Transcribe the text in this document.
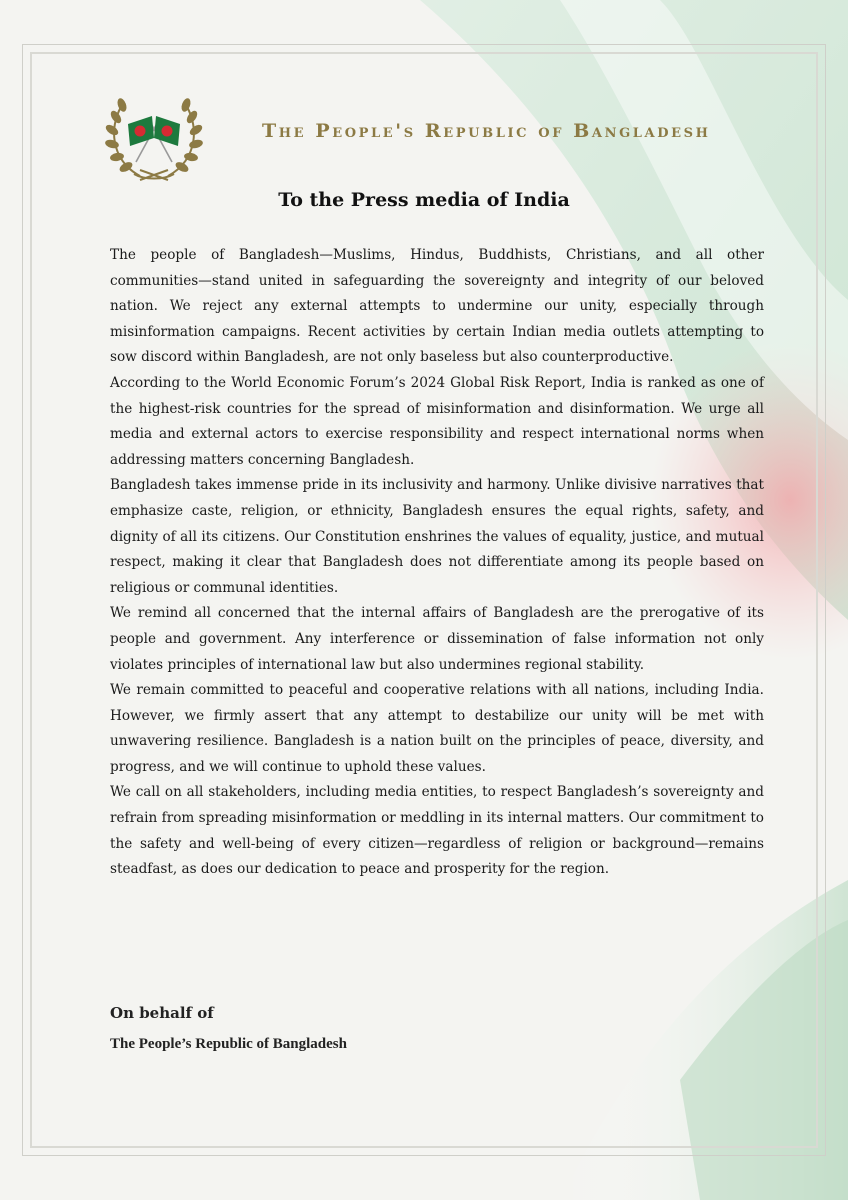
The People's Republic of Bangladesh
To the Press media of India

The people of Bangladesh—Muslims, Hindus, Buddhists, Christians, and all other communities—stand united in safeguarding the sovereignty and integrity of our beloved nation. We reject any external attempts to undermine our unity, especially through misinformation campaigns. Recent activities by certain Indian media outlets attempting to sow discord within Bangladesh, are not only baseless but also counterproductive.

According to the World Economic Forum’s 2024 Global Risk Report, India is ranked as one of the highest-risk countries for the spread of misinformation and disinformation. We urge all media and external actors to exercise responsibility and respect international norms when addressing matters concerning Bangladesh.

Bangladesh takes immense pride in its inclusivity and harmony. Unlike divisive narratives that emphasize caste, religion, or ethnicity, Bangladesh ensures the equal rights, safety, and dignity of all its citizens. Our Constitution enshrines the values of equality, justice, and mutual respect, making it clear that Bangladesh does not differentiate among its people based on religious or communal identities.

We remind all concerned that the internal affairs of Bangladesh are the prerogative of its people and government. Any interference or dissemination of false information not only violates principles of international law but also undermines regional stability.

We remain committed to peaceful and cooperative relations with all nations, including India. However, we firmly assert that any attempt to destabilize our unity will be met with unwavering resilience. Bangladesh is a nation built on the principles of peace, diversity, and progress, and we will continue to uphold these values.

We call on all stakeholders, including media entities, to respect Bangladesh’s sovereignty and refrain from spreading misinformation or meddling in its internal matters. Our commitment to the safety and well-being of every citizen—regardless of religion or background—remains steadfast, as does our dedication to peace and prosperity for the region.

On behalf of
The People’s Republic of Bangladesh
